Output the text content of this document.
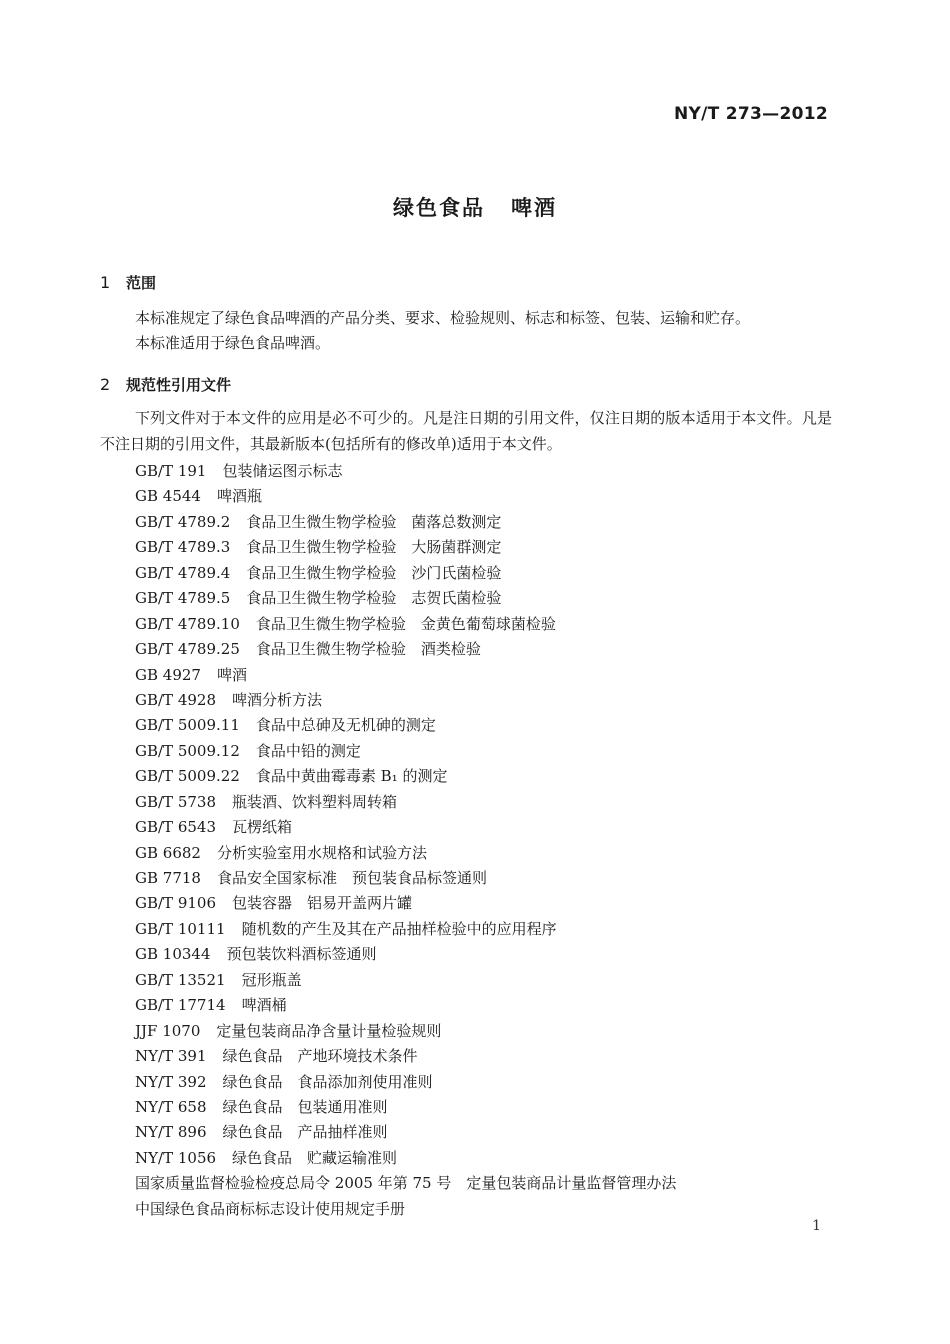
NY/T 273—2012
绿色食品 啤酒
1 范围
本标准规定了绿色食品啤酒的产品分类、要求、检验规则、标志和标签、包装、运输和贮存。
本标准适用于绿色食品啤酒。
2 规范性引用文件
下列文件对于本文件的应用是必不可少的。凡是注日期的引用文件，仅注日期的版本适用于本文件。凡是不注日期的引用文件，其最新版本(包括所有的修改单)适用于本文件。
GB/T 191 包装储运图示标志
GB 4544 啤酒瓶
GB/T 4789.2 食品卫生微生物学检验　菌落总数测定
GB/T 4789.3 食品卫生微生物学检验　大肠菌群测定
GB/T 4789.4 食品卫生微生物学检验　沙门氏菌检验
GB/T 4789.5 食品卫生微生物学检验　志贺氏菌检验
GB/T 4789.10 食品卫生微生物学检验　金黄色葡萄球菌检验
GB/T 4789.25 食品卫生微生物学检验　酒类检验
GB 4927 啤酒
GB/T 4928 啤酒分析方法
GB/T 5009.11 食品中总砷及无机砷的测定
GB/T 5009.12 食品中铅的测定
GB/T 5009.22 食品中黄曲霉毒素 B₁ 的测定
GB/T 5738 瓶装酒、饮料塑料周转箱
GB/T 6543 瓦楞纸箱
GB 6682 分析实验室用水规格和试验方法
GB 7718 食品安全国家标准　预包装食品标签通则
GB/T 9106 包装容器　铝易开盖两片罐
GB/T 10111 随机数的产生及其在产品抽样检验中的应用程序
GB 10344 预包装饮料酒标签通则
GB/T 13521 冠形瓶盖
GB/T 17714 啤酒桶
JJF 1070 定量包装商品净含量计量检验规则
NY/T 391 绿色食品　产地环境技术条件
NY/T 392 绿色食品　食品添加剂使用准则
NY/T 658 绿色食品　包装通用准则
NY/T 896 绿色食品　产品抽样准则
NY/T 1056 绿色食品　贮藏运输准则
国家质量监督检验检疫总局令 2005 年第 75 号　定量包装商品计量监督管理办法
中国绿色食品商标标志设计使用规定手册
1
